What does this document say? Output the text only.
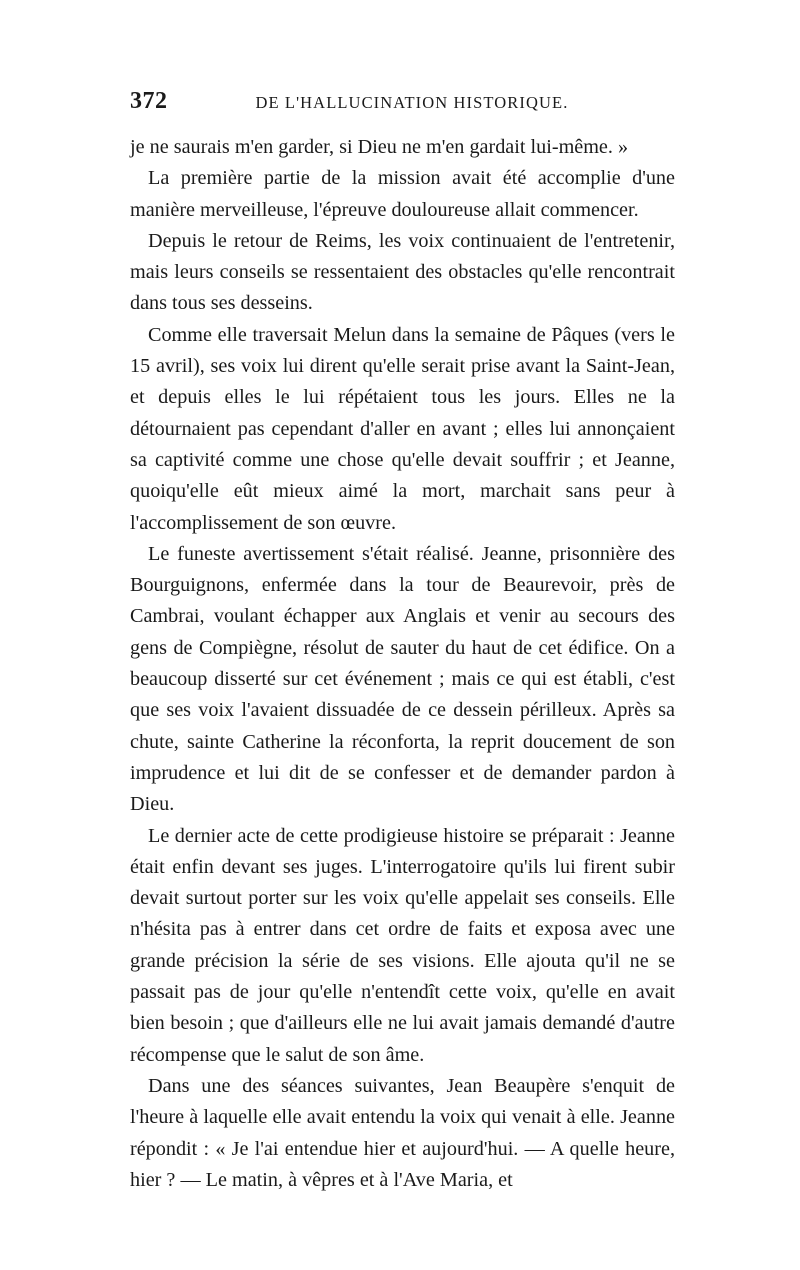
372	DE L'HALLUCINATION HISTORIQUE.

je ne saurais m'en garder, si Dieu ne m'en gardait lui-même. »

La première partie de la mission avait été accomplie d'une manière merveilleuse, l'épreuve douloureuse allait commencer.

Depuis le retour de Reims, les voix continuaient de l'entretenir, mais leurs conseils se ressentaient des obstacles qu'elle rencontrait dans tous ses desseins.

Comme elle traversait Melun dans la semaine de Pâques (vers le 15 avril), ses voix lui dirent qu'elle serait prise avant la Saint-Jean, et depuis elles le lui répétaient tous les jours. Elles ne la détournaient pas cependant d'aller en avant ; elles lui annonçaient sa captivité comme une chose qu'elle devait souffrir ; et Jeanne, quoiqu'elle eût mieux aimé la mort, marchait sans peur à l'accomplissement de son œuvre.

Le funeste avertissement s'était réalisé. Jeanne, prisonnière des Bourguignons, enfermée dans la tour de Beaurevoir, près de Cambrai, voulant échapper aux Anglais et venir au secours des gens de Compiègne, résolut de sauter du haut de cet édifice. On a beaucoup disserté sur cet événement ; mais ce qui est établi, c'est que ses voix l'avaient dissuadée de ce dessein périlleux. Après sa chute, sainte Catherine la réconforta, la reprit doucement de son imprudence et lui dit de se confesser et de demander pardon à Dieu.

Le dernier acte de cette prodigieuse histoire se préparait : Jeanne était enfin devant ses juges. L'interrogatoire qu'ils lui firent subir devait surtout porter sur les voix qu'elle appelait ses conseils. Elle n'hésita pas à entrer dans cet ordre de faits et exposa avec une grande précision la série de ses visions. Elle ajouta qu'il ne se passait pas de jour qu'elle n'entendît cette voix, qu'elle en avait bien besoin ; que d'ailleurs elle ne lui avait jamais demandé d'autre récompense que le salut de son âme.

Dans une des séances suivantes, Jean Beaupère s'enquit de l'heure à laquelle elle avait entendu la voix qui venait à elle. Jeanne répondit : « Je l'ai entendue hier et aujourd'hui. — A quelle heure, hier ? — Le matin, à vêpres et à l'Ave Maria, et
